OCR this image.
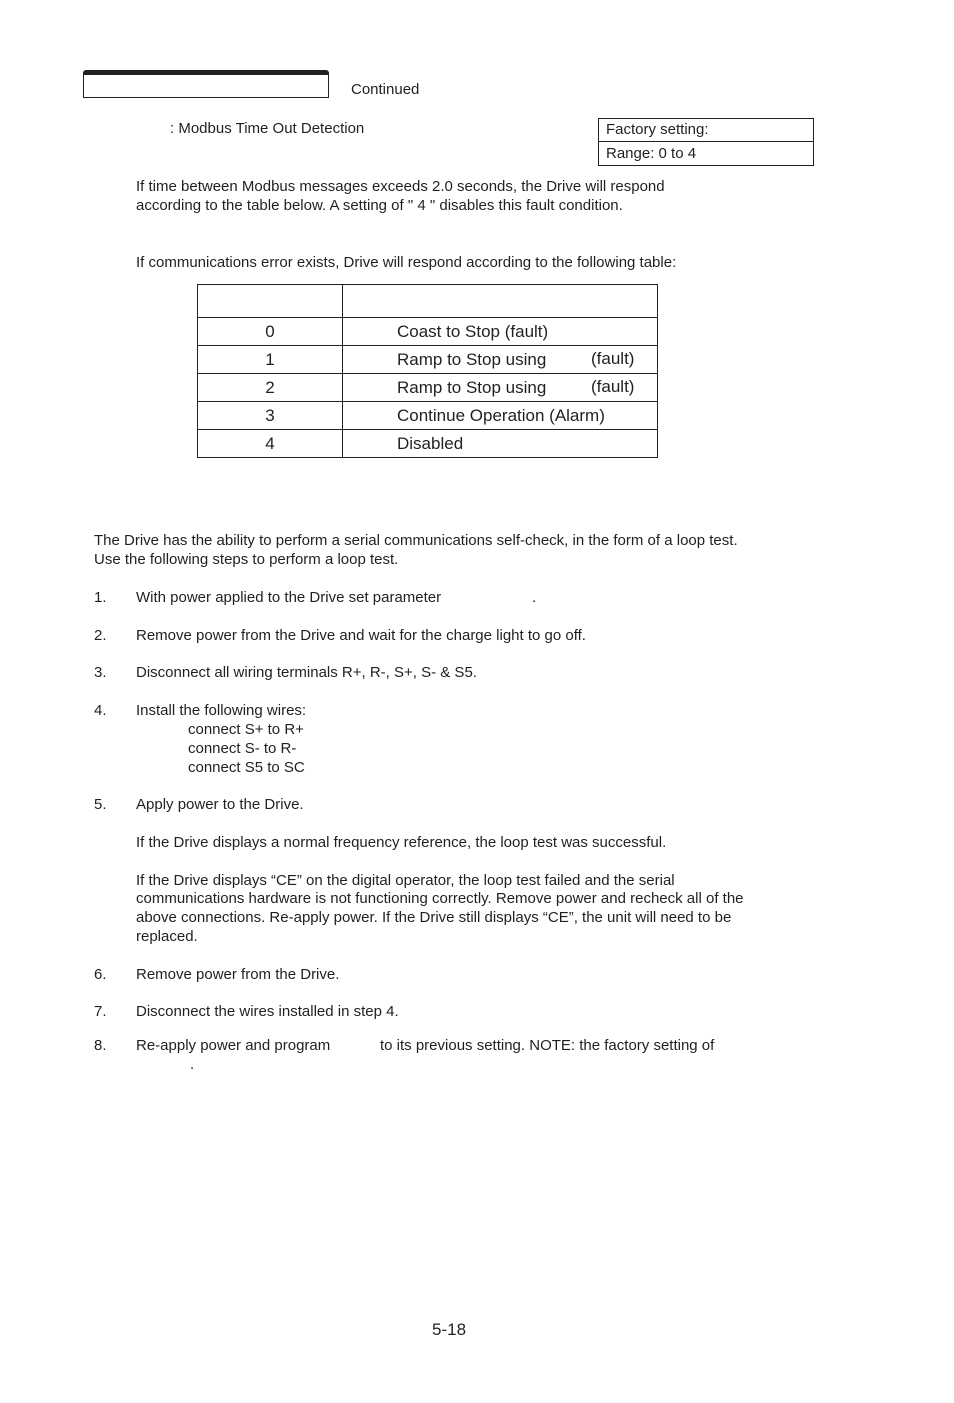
Continued
: Modbus Time Out Detection	Factory setting:
Range: 0 to 4
If time between Modbus messages exceeds 2.0 seconds, the Drive will respond
according to the table below. A setting of " 4 " disables this fault condition.
If communications error exists, Drive will respond according to the following table:

0	Coast to Stop (fault)
1	Ramp to Stop using (fault)

2	Ramp to Stop using (fault)

3	Continue Operation (Alarm)
4	Disabled
The Drive has the ability to perform a serial communications self-check, in the form of a loop test.
Use the following steps to perform a loop test.
1. With power applied to the Drive set parameter	.
2. Remove power from the Drive and wait for the charge light to go off.
3. Disconnect all wiring terminals R+, R-, S+, S- & S5.
4. Install the following wires:
connect S+ to R+
connect S- to R-
connect S5 to SC
5. Apply power to the Drive.
If the Drive displays a normal frequency reference, the loop test was successful.
If the Drive displays “CE” on the digital operator, the loop test failed and the serial
communications hardware is not functioning correctly. Remove power and recheck all of the
above connections. Re-apply power. If the Drive still displays “CE”, the unit will need to be
replaced.
6. Remove power from the Drive.
7. Disconnect the wires installed in step 4.
8. Re-apply power and program	to its previous setting. NOTE: the factory setting of
.
5-18
